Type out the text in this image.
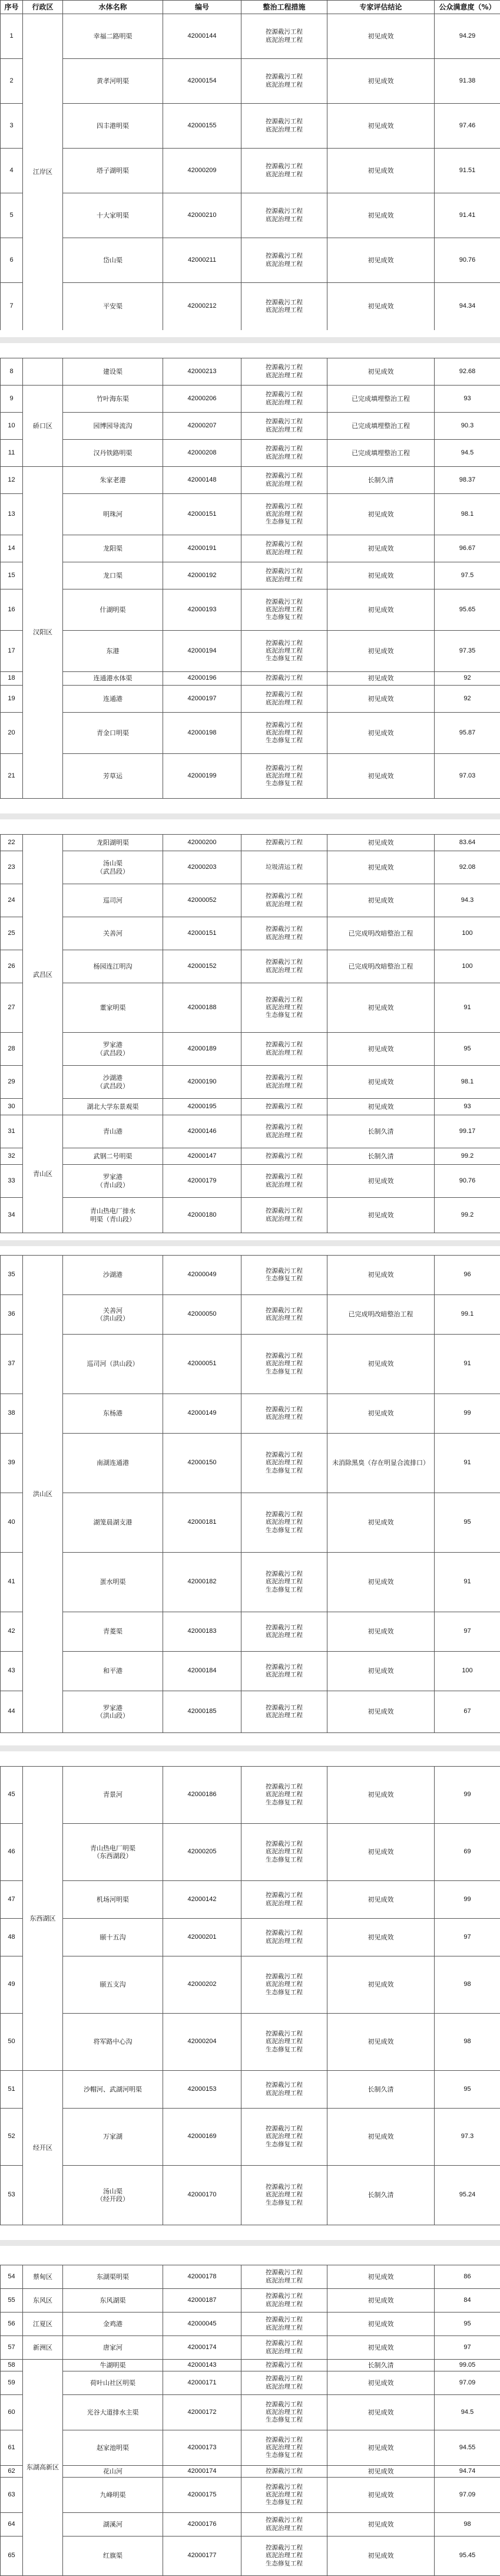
序号	行政区	水体名称	编号	整治工程措施	专家评估结论	公众满意度（%）
1	江岸区	幸福二路明渠	42000144	控源截污工程
底泥治理工程	初见成效	94.29
2		黄孝河明渠	42000154	控源截污工程
底泥治理工程	初见成效	91.38
3		四丰港明渠	42000155	控源截污工程
底泥治理工程	初见成效	97.46
4		塔子湖明渠	42000209	控源截污工程
底泥治理工程	初见成效	91.51
5		十大家明渠	42000210	控源截污工程
底泥治理工程	初见成效	91.41
6		岱山渠	42000211	控源截污工程
底泥治理工程	初见成效	90.76
7		平安渠	42000212	控源截污工程
底泥治理工程	初见成效	94.34
8		建设渠	42000213	控源截污工程
底泥治理工程	初见成效	92.68
9	硚口区	竹叶海东渠	42000206	控源截污工程
底泥治理工程	已完成填埋整治工程	93
10		园博园导流沟	42000207	控源截污工程
底泥治理工程	已完成填埋整治工程	90.3
11		汉丹铁路明渠	42000208	控源截污工程
底泥治理工程	已完成填埋整治工程	94.5
12	汉阳区	朱家老港	42000148	控源截污工程
底泥治理工程	长制久清	98.37
13		明珠河	42000151	控源截污工程
底泥治理工程
生态修复工程	初见成效	98.1
14		龙阳渠	42000191	控源截污工程
底泥治理工程	初见成效	96.67
15		龙口渠	42000192	控源截污工程
底泥治理工程	初见成效	97.5
16		什湖明渠	42000193	控源截污工程
底泥治理工程
生态修复工程	初见成效	95.65
17		东港	42000194	控源截污工程
底泥治理工程
生态修复工程	初见成效	97.35
18		连通港水体渠	42000196	控源截污工程	初见成效	92
19		连通港	42000197	控源截污工程
底泥治理工程	初见成效	92
20		青金口明渠	42000198	控源截污工程
底泥治理工程
生态修复工程	初见成效	95.87
21		芳草运	42000199	控源截污工程
底泥治理工程
生态修复工程	初见成效	97.03
22	武昌区	龙阳湖明渠	42000200	控源截污工程	初见成效	83.64
23		汤山渠
（武昌段）	42000203	垃圾清运工程	初见成效	92.08
24		巡司河	42000052	控源截污工程
底泥治理工程	初见成效	94.3
25		关善河	42000151	控源截污工程
底泥治理工程	已完成明改暗整治工程	100
26		杨园连江明沟	42000152	控源截污工程
底泥治理工程	已完成明改暗整治工程	100
27		董家明渠	42000188	控源截污工程
底泥治理工程
生态修复工程	初见成效	91
28		罗家港
（武昌段）	42000189	控源截污工程
底泥治理工程	初见成效	95
29		沙湖港
（武昌段）	42000190	控源截污工程
底泥治理工程	初见成效	98.1
30		湖北大学东景观渠	42000195	控源截污工程	初见成效	93
31	青山区	青山港	42000146	控源截污工程
底泥治理工程	长制久清	99.17
32		武钢二号明渠	42000147	控源截污工程	长制久清	99.2
33		罗家港
（青山段）	42000179	控源截污工程
底泥治理工程	初见成效	90.76
34		青山热电厂排水
明渠（青山段）	42000180	控源截污工程
底泥治理工程	初见成效	99.2
35	洪山区	沙湖港	42000049	控源截污工程
生态修复工程	初见成效	96
36		关善河
（洪山段）	42000050	控源截污工程
底泥治理工程	已完成明改暗整治工程	99.1
37		巡司河（洪山段）	42000051	控源截污工程
底泥治理工程
生态修复工程	初见成效	91
38		东杨港	42000149	控源截污工程
底泥治理工程	初见成效	99
39		南湖连通港	42000150	控源截污工程
底泥治理工程
生态修复工程	未消除黑臭（存在明显合流排口）	91
40		湖笼晨湖支港	42000181	控源截污工程
底泥治理工程
生态修复工程	初见成效	95
41		蛋水明渠	42000182	控源截污工程
底泥治理工程
生态修复工程	初见成效	91
42		青菱渠	42000183	控源截污工程
底泥治理工程	初见成效	97
43		和平港	42000184	控源截污工程
底泥治理工程	初见成效	100
44		罗家港
（洪山段）	42000185	控源截污工程
底泥治理工程	初见成效	67
45	东西湖区	青景河	42000186	控源截污工程
底泥治理工程
生态修复工程	初见成效	99
46		青山热电厂明渠
（东西湖段）	42000205	控源截污工程
底泥治理工程
生态修复工程	初见成效	69
47		机场河明渠	42000142	控源截污工程
底泥治理工程	初见成效	99
48		颐十五沟	42000201	控源截污工程
底泥治理工程	初见成效	97
49		颐五支沟	42000202	控源截污工程
底泥治理工程
生态修复工程	初见成效	98
50		将军路中心沟	42000204	控源截污工程
底泥治理工程
生态修复工程	初见成效	98
51	经开区	沙帽河、武湖河明渠	42000153	控源截污工程
底泥治理工程	长制久清	95
52		万家湖	42000169	控源截污工程
底泥治理工程
生态修复工程	初见成效	97.3
53		汤山渠
（经开段）	42000170	控源截污工程
底泥治理工程
生态修复工程	长制久清	95.24
54	蔡甸区	东湖渠明渠	42000178	控源截污工程
底泥治理工程	初见成效	86
55	东风区	东风湖渠	42000187	控源截污工程
底泥治理工程	初见成效	84
56	江夏区	金鸡港	42000045	控源截污工程
底泥治理工程	初见成效	95
57	新洲区	唐家河	42000174	控源截污工程
底泥治理工程	初见成效	97
58	东湖高新区	牛湖明渠	42000143	控源截污工程	长制久清	99.05
59		荷叶山社区明渠	42000171	控源截污工程
底泥治理工程	初见成效	97.09
60		光谷大道排水主渠	42000172	控源截污工程
底泥治理工程
生态修复工程	初见成效	94.5
61		赵家池明渠	42000173	控源截污工程
底泥治理工程
生态修复工程	初见成效	94.55
62		花山河	42000174	控源截污工程	初见成效	94.74
63		九峰明渠	42000175	控源截污工程
底泥治理工程
生态修复工程	初见成效	97.09
64		湖溪河	42000176	控源截污工程
底泥治理工程	初见成效	98
65		红旗渠	42000177	控源截污工程
底泥治理工程
生态修复工程	初见成效	95.45
